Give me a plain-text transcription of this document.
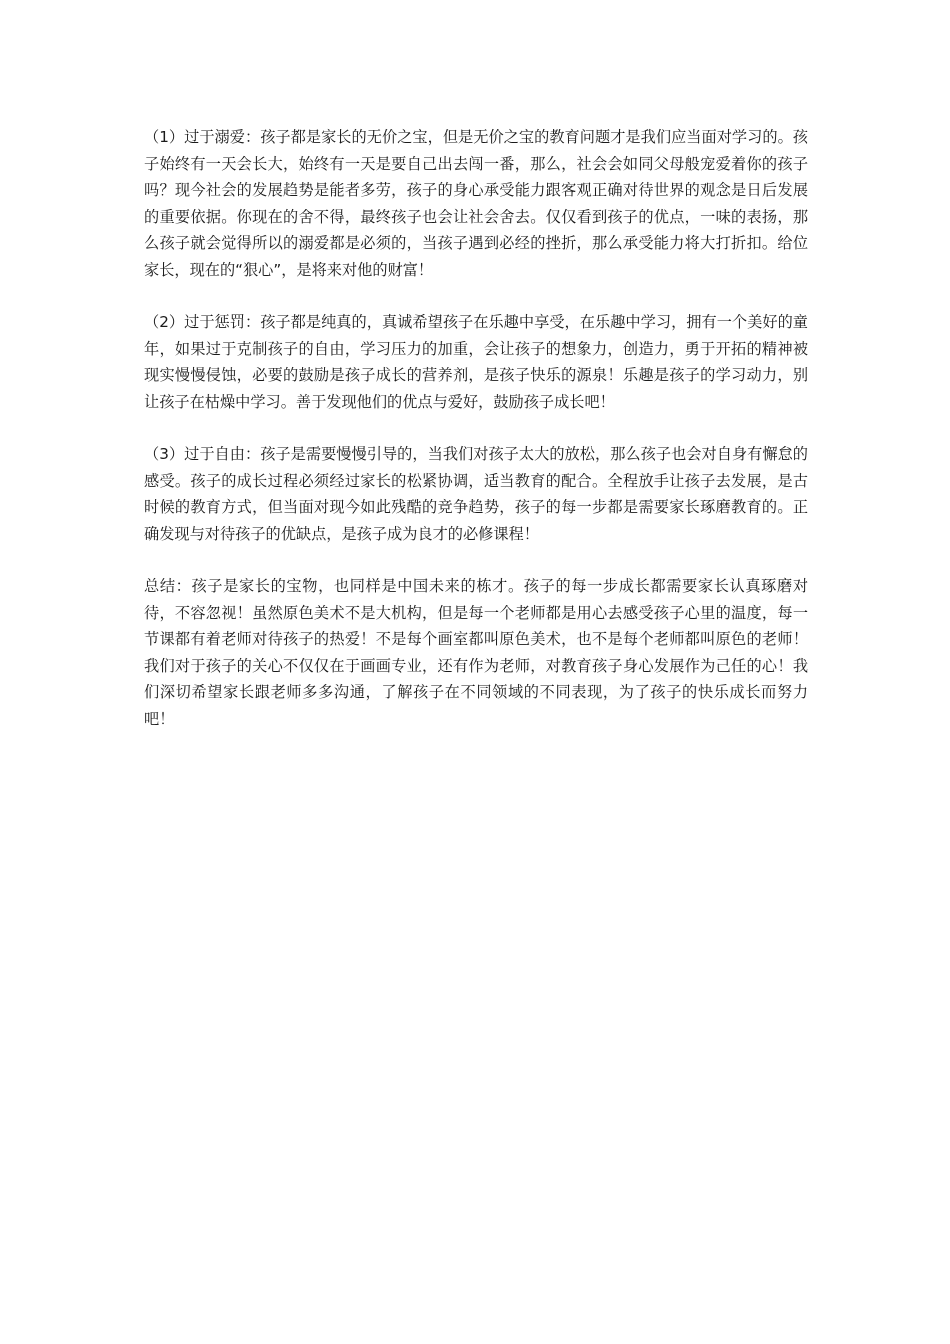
（1）过于溺爱：孩子都是家长的无价之宝，但是无价之宝的教育问题才是我们应当面对学习的。孩子始终有一天会长大，始终有一天是要自己出去闯一番，那么，社会会如同父母般宠爱着你的孩子吗？现今社会的发展趋势是能者多劳，孩子的身心承受能力跟客观正确对待世界的观念是日后发展的重要依据。你现在的舍不得，最终孩子也会让社会舍去。仅仅看到孩子的优点，一味的表扬，那么孩子就会觉得所以的溺爱都是必须的，当孩子遇到必经的挫折，那么承受能力将大打折扣。给位家长，现在的“狠心”，是将来对他的财富！

（2）过于惩罚：孩子都是纯真的，真诚希望孩子在乐趣中享受，在乐趣中学习，拥有一个美好的童年，如果过于克制孩子的自由，学习压力的加重，会让孩子的想象力，创造力，勇于开拓的精神被现实慢慢侵蚀，必要的鼓励是孩子成长的营养剂，是孩子快乐的源泉！乐趣是孩子的学习动力，别让孩子在枯燥中学习。善于发现他们的优点与爱好，鼓励孩子成长吧！

（3）过于自由：孩子是需要慢慢引导的，当我们对孩子太大的放松，那么孩子也会对自身有懈怠的感受。孩子的成长过程必须经过家长的松紧协调，适当教育的配合。全程放手让孩子去发展，是古时候的教育方式，但当面对现今如此残酷的竞争趋势，孩子的每一步都是需要家长琢磨教育的。正确发现与对待孩子的优缺点，是孩子成为良才的必修课程！

总结：孩子是家长的宝物，也同样是中国未来的栋才。孩子的每一步成长都需要家长认真琢磨对待，不容忽视！虽然原色美术不是大机构，但是每一个老师都是用心去感受孩子心里的温度，每一节课都有着老师对待孩子的热爱！不是每个画室都叫原色美术，也不是每个老师都叫原色的老师！我们对于孩子的关心不仅仅在于画画专业，还有作为老师，对教育孩子身心发展作为己任的心！我们深切希望家长跟老师多多沟通，了解孩子在不同领域的不同表现，为了孩子的快乐成长而努力吧！
